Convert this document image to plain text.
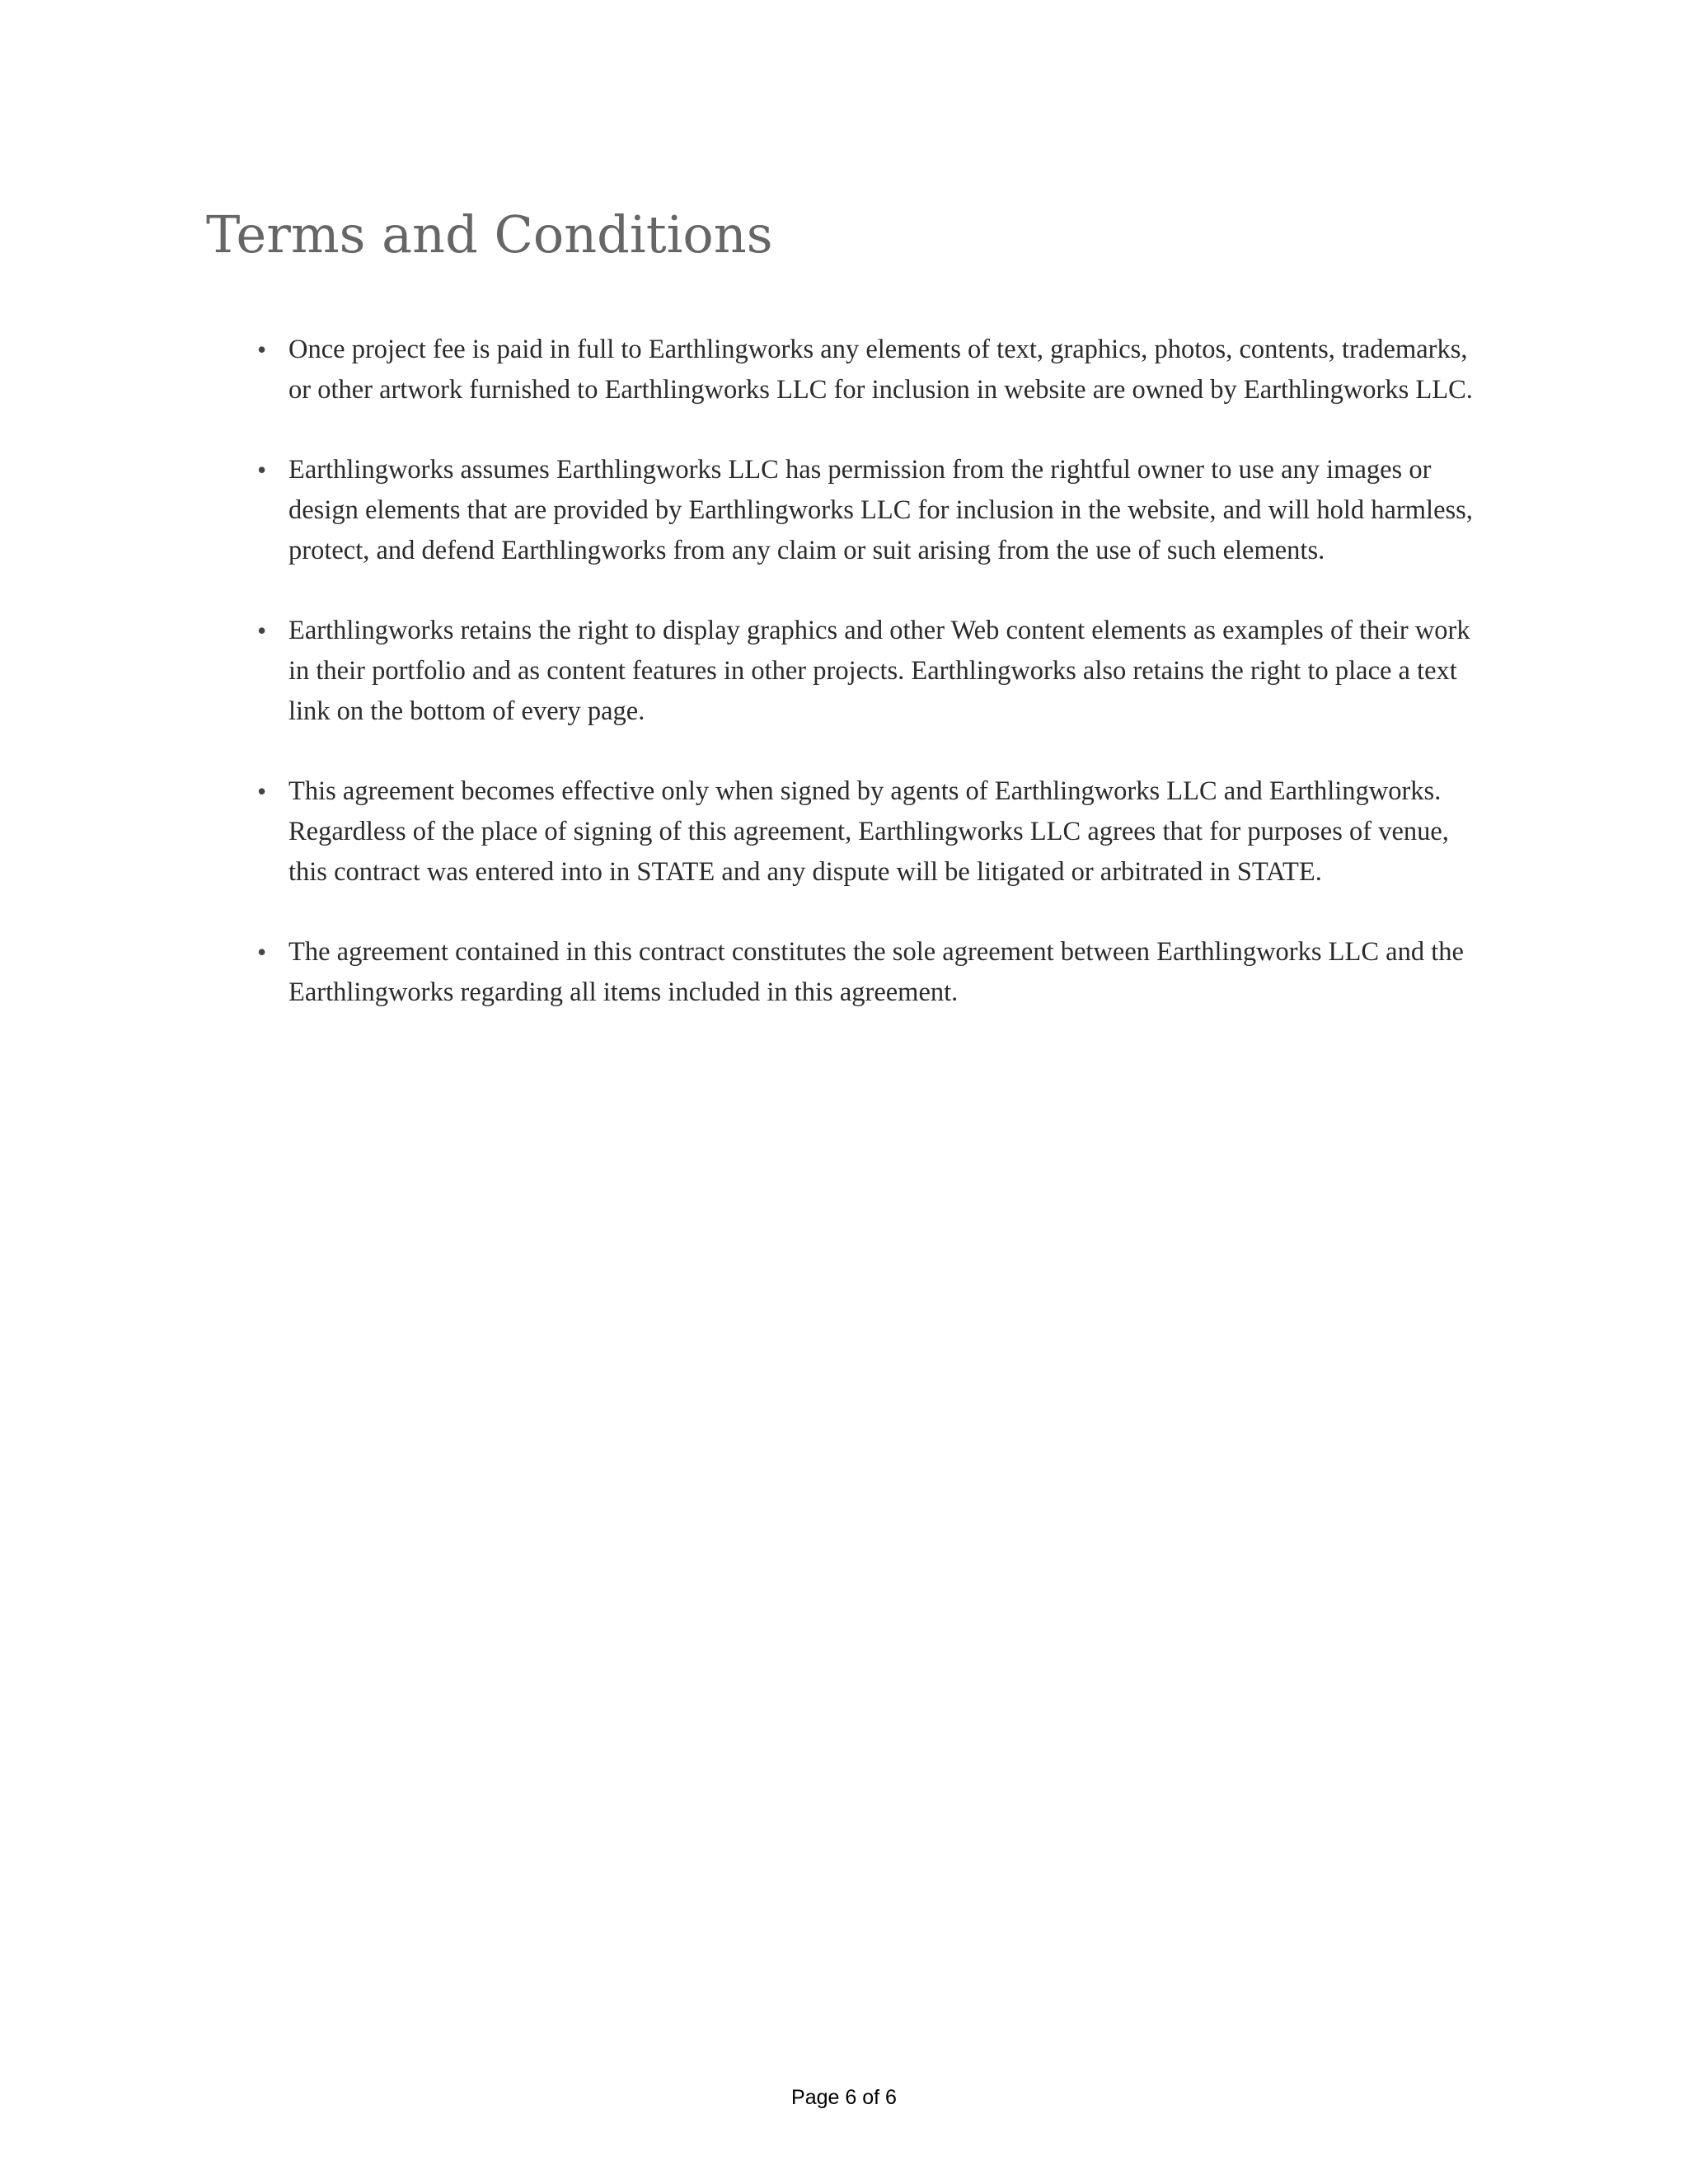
Terms and Conditions
• Once project fee is paid in full to Earthlingworks any elements of text, graphics, photos, contents, trademarks, or other artwork furnished to Earthlingworks LLC for inclusion in website are owned by Earthlingworks LLC.
• Earthlingworks assumes Earthlingworks LLC has permission from the rightful owner to use any images or design elements that are provided by Earthlingworks LLC for inclusion in the website, and will hold harmless, protect, and defend Earthlingworks from any claim or suit arising from the use of such elements.
• Earthlingworks retains the right to display graphics and other Web content elements as examples of their work in their portfolio and as content features in other projects. Earthlingworks also retains the right to place a text link on the bottom of every page.
• This agreement becomes effective only when signed by agents of Earthlingworks LLC and Earthlingworks. Regardless of the place of signing of this agreement, Earthlingworks LLC agrees that for purposes of venue, this contract was entered into in STATE and any dispute will be litigated or arbitrated in STATE.
• The agreement contained in this contract constitutes the sole agreement between Earthlingworks LLC and the Earthlingworks regarding all items included in this agreement.
Page 6 of 6
